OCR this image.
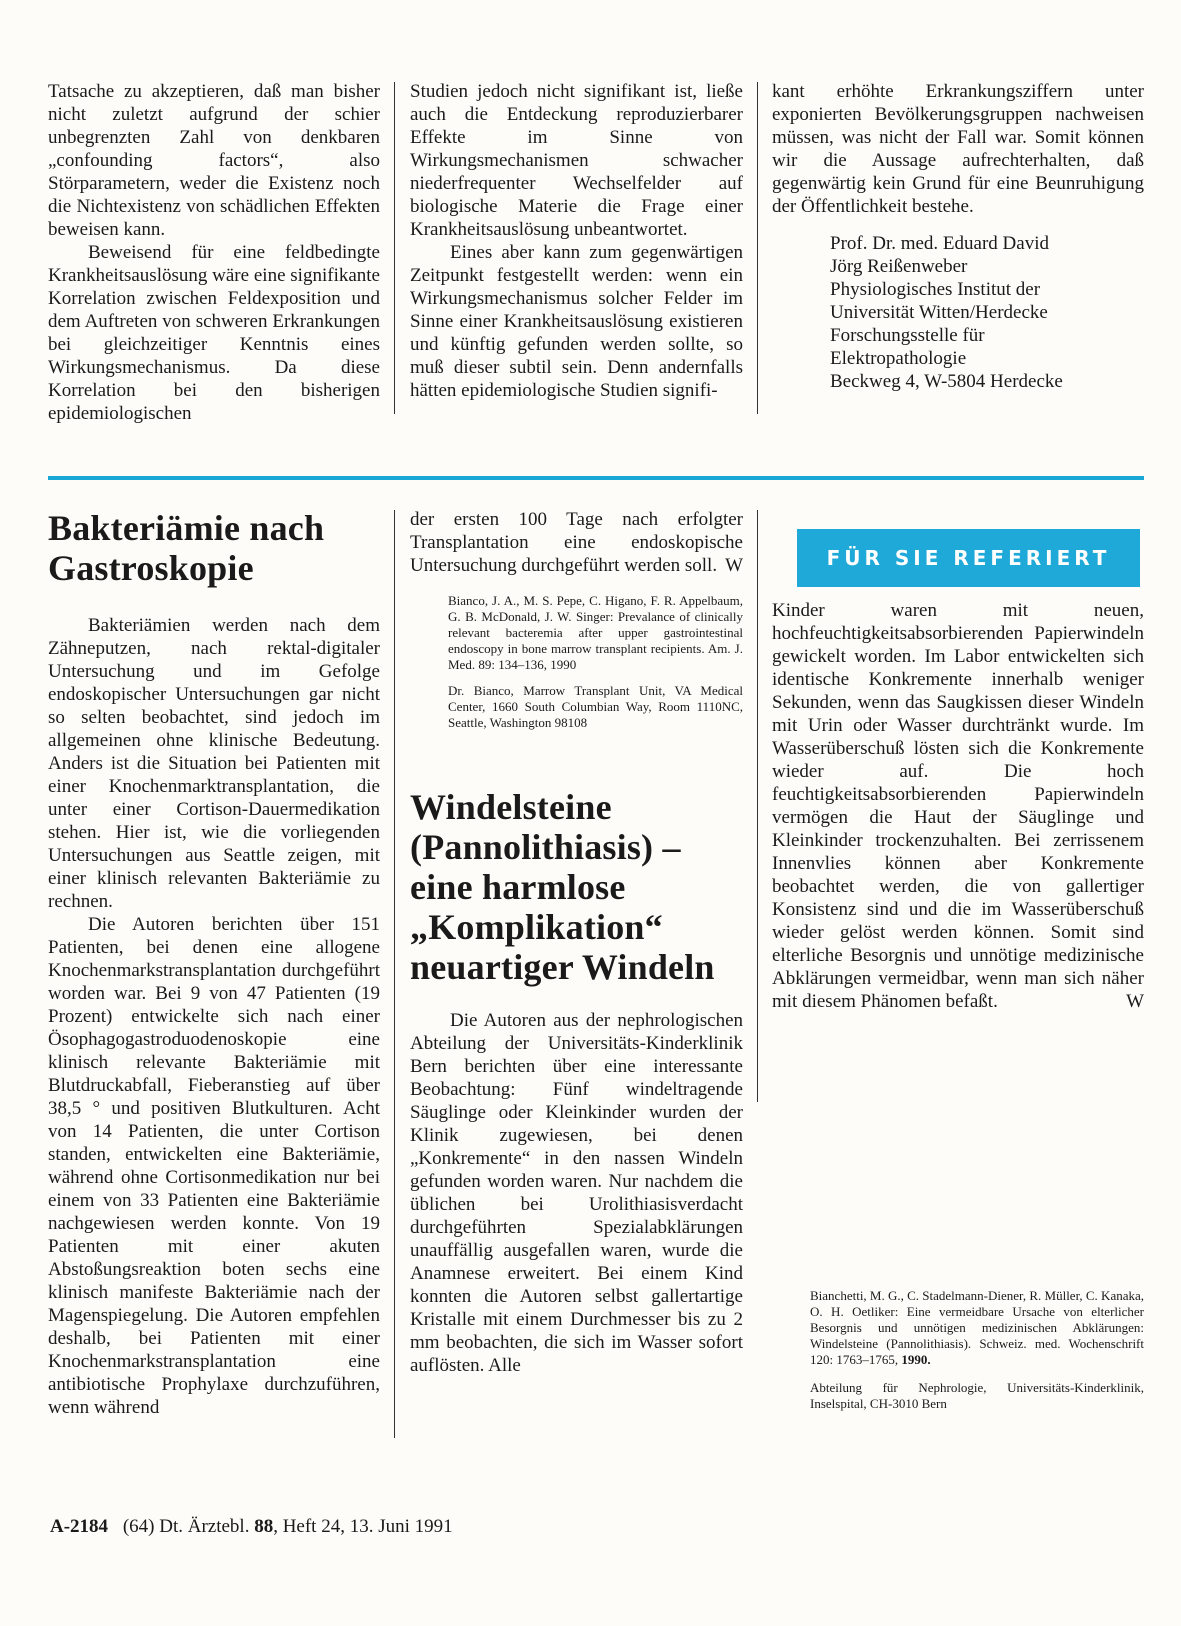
Tatsache zu akzeptieren, daß man bisher nicht zuletzt aufgrund der schier unbegrenzten Zahl von denkbaren „confounding factors“, also Störparametern, weder die Existenz noch die Nichtexistenz von schädlichen Effekten beweisen kann.

Beweisend für eine feldbedingte Krankheitsauslösung wäre eine signifikante Korrelation zwischen Feldexposition und dem Auftreten von schweren Erkrankungen bei gleichzeitiger Kenntnis eines Wirkungsmechanismus. Da diese Korrelation bei den bisherigen epidemiologischen

Studien jedoch nicht signifikant ist, ließe auch die Entdeckung reproduzierbarer Effekte im Sinne von Wirkungsmechanismen schwacher niederfrequenter Wechselfelder auf biologische Materie die Frage einer Krankheitsauslösung unbeantwortet.

Eines aber kann zum gegenwärtigen Zeitpunkt festgestellt werden: wenn ein Wirkungsmechanismus solcher Felder im Sinne einer Krankheitsauslösung existieren und künftig gefunden werden sollte, so muß dieser subtil sein. Denn andernfalls hätten epidemiologische Studien signifi-

kant erhöhte Erkrankungsziffern unter exponierten Bevölkerungsgruppen nachweisen müssen, was nicht der Fall war. Somit können wir die Aussage aufrechterhalten, daß gegenwärtig kein Grund für eine Beunruhigung der Öffentlichkeit bestehe.

Prof. Dr. med. Eduard David
Jörg Reißenweber
Physiologisches Institut der
Universität Witten/Herdecke
Forschungsstelle für
Elektropathologie
Beckweg 4, W-5804 Herdecke
Bakteriämie nach Gastroskopie

Bakteriämien werden nach dem Zähneputzen, nach rektal-digitaler Untersuchung und im Gefolge endoskopischer Untersuchungen gar nicht so selten beobachtet, sind jedoch im allgemeinen ohne klinische Bedeutung. Anders ist die Situation bei Patienten mit einer Knochenmarktransplantation, die unter einer Cortison-Dauermedikation stehen. Hier ist, wie die vorliegenden Untersuchungen aus Seattle zeigen, mit einer klinisch relevanten Bakteriämie zu rechnen.

Die Autoren berichten über 151 Patienten, bei denen eine allogene Knochenmarkstransplantation durchgeführt worden war. Bei 9 von 47 Patienten (19 Prozent) entwickelte sich nach einer Ösophagogastroduodenoskopie eine klinisch relevante Bakteriämie mit Blutdruckabfall, Fieberanstieg auf über 38,5 ° und positiven Blutkulturen. Acht von 14 Patienten, die unter Cortison standen, entwickelten eine Bakteriämie, während ohne Cortisonmedikation nur bei einem von 33 Patienten eine Bakteriämie nachgewiesen werden konnte. Von 19 Patienten mit einer akuten Abstoßungsreaktion boten sechs eine klinisch manifeste Bakteriämie nach der Magenspiegelung. Die Autoren empfehlen deshalb, bei Patienten mit einer Knochenmarkstransplantation eine antibiotische Prophylaxe durchzuführen, wenn während

der ersten 100 Tage nach erfolgter Transplantation eine endoskopische Untersuchung durchgeführt werden soll. W

Bianco, J. A., M. S. Pepe, C. Higano, F. R. Appelbaum, G. B. McDonald, J. W. Singer: Prevalance of clinically relevant bacteremia after upper gastrointestinal endoscopy in bone marrow transplant recipients. Am. J. Med. 89: 134–136, 1990

Dr. Bianco, Marrow Transplant Unit, VA Medical Center, 1660 South Columbian Way, Room 1110NC, Seattle, Washington 98108

Windelsteine (Pannolithiasis) – eine harmlose „Komplikation“ neuartiger Windeln

Die Autoren aus der nephrologischen Abteilung der Universitäts-Kinderklinik Bern berichten über eine interessante Beobachtung: Fünf windeltragende Säuglinge oder Kleinkinder wurden der Klinik zugewiesen, bei denen „Konkremente“ in den nassen Windeln gefunden worden waren. Nur nachdem die üblichen bei Urolithiasisverdacht durchgeführten Spezialabklärungen unauffällig ausgefallen waren, wurde die Anamnese erweitert. Bei einem Kind konnten die Autoren selbst gallertartige Kristalle mit einem Durchmesser bis zu 2 mm beobachten, die sich im Wasser sofort auflösten. Alle

FÜR SIE REFERIERT

Kinder waren mit neuen, hochfeuchtigkeitsabsorbierenden Papierwindeln gewickelt worden. Im Labor entwickelten sich identische Konkremente innerhalb weniger Sekunden, wenn das Saugkissen dieser Windeln mit Urin oder Wasser durchtränkt wurde. Im Wasserüberschuß lösten sich die Konkremente wieder auf. Die hoch feuchtigkeitsabsorbierenden Papierwindeln vermögen die Haut der Säuglinge und Kleinkinder trockenzuhalten. Bei zerrissenem Innenvlies können aber Konkremente beobachtet werden, die von gallertiger Konsistenz sind und die im Wasserüberschuß wieder gelöst werden können. Somit sind elterliche Besorgnis und unnötige medizinische Abklärungen vermeidbar, wenn man sich näher mit diesem Phänomen befaßt.	W

Bianchetti, M. G., C. Stadelmann-Diener, R. Müller, C. Kanaka, O. H. Oetliker: Eine vermeidbare Ursache von elterlicher Besorgnis und unnötigen medizinischen Abklärungen: Windelsteine (Pannolithiasis). Schweiz. med. Wochenschrift 120: 1763–1765, 1990.

Abteilung für Nephrologie, Universitäts-Kinderklinik, Inselspital, CH-3010 Bern

A-2184 (64) Dt. Ärztebl. 88, Heft 24, 13. Juni 1991
